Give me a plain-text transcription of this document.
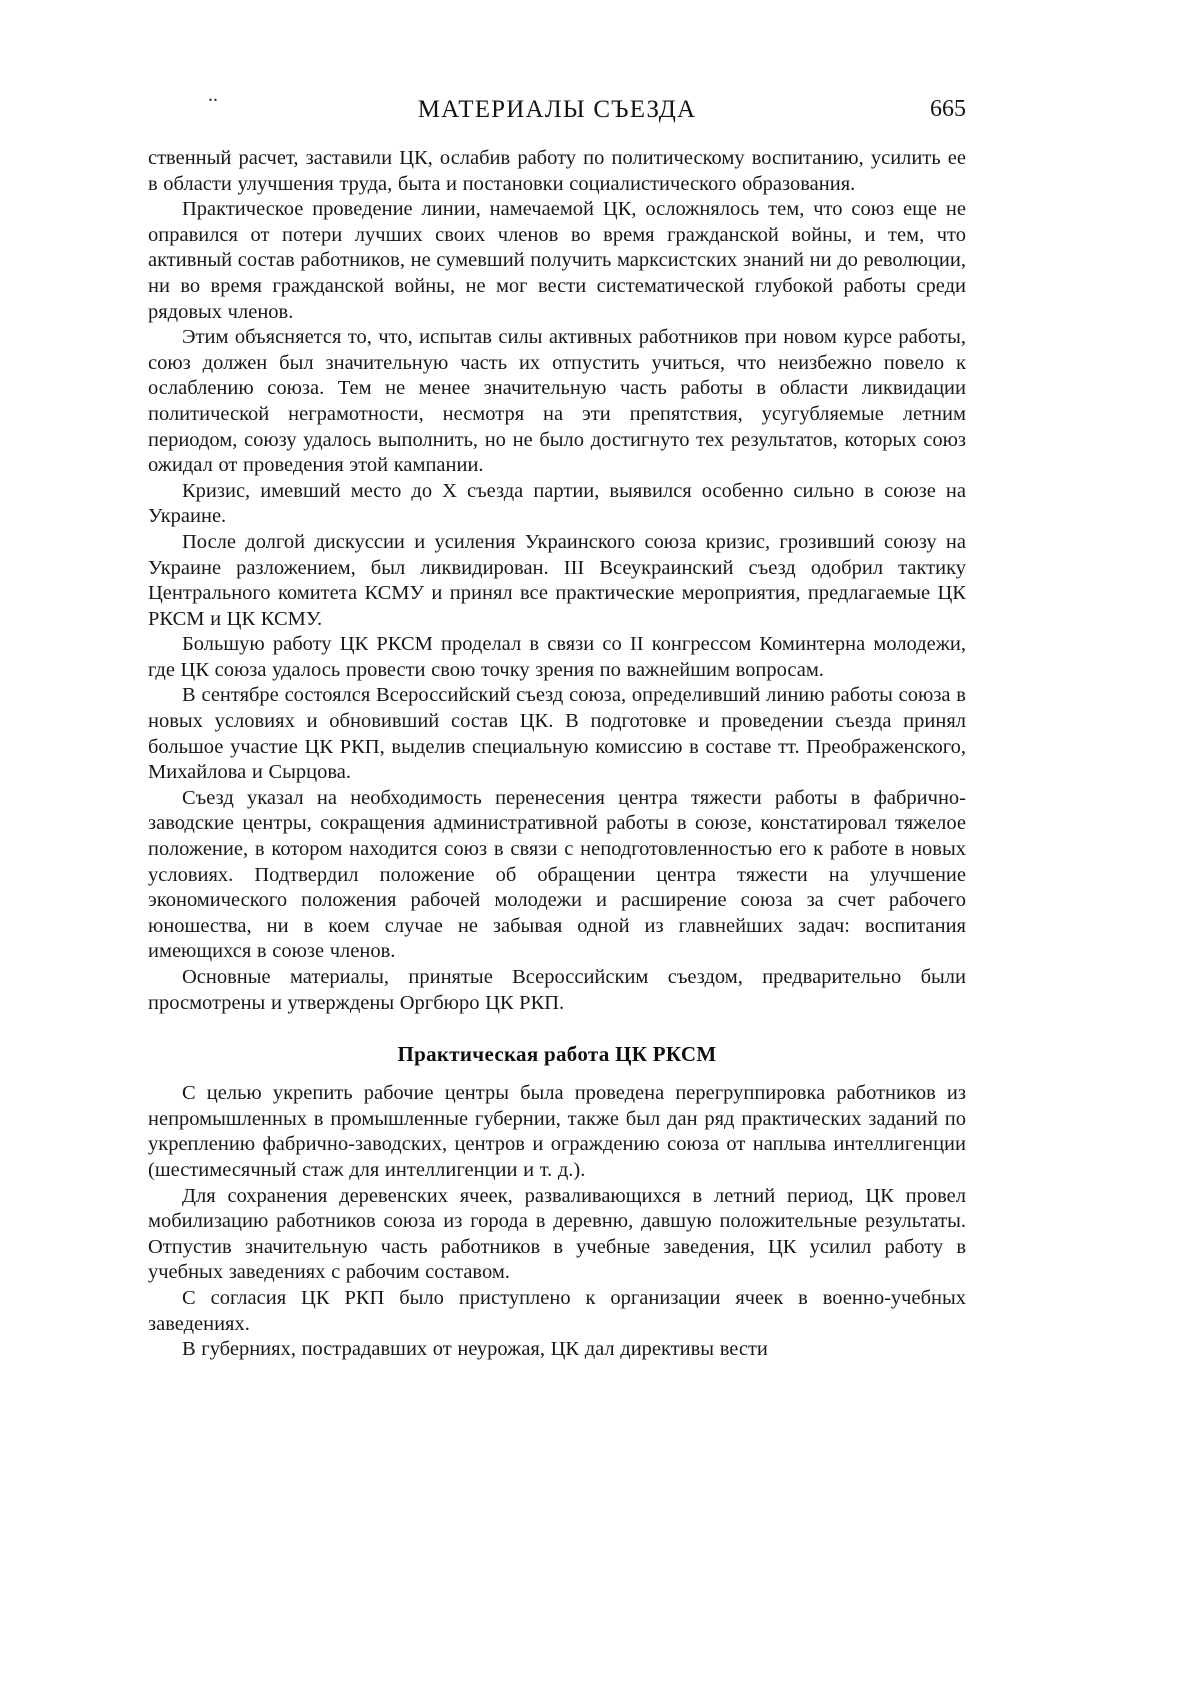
..
МАТЕРИАЛЫ СЪЕЗДА	665

ственный расчет, заставили ЦК, ослабив работу по политическому воспитанию, усилить ее в области улучшения труда, быта и постановки социалистического образования.

Практическое проведение линии, намечаемой ЦК, осложнялось тем, что союз еще не оправился от потери лучших своих членов во время гражданской войны, и тем, что активный состав работников, не сумевший получить марксистских знаний ни до революции, ни во время гражданской войны, не мог вести систематической глубокой работы среди рядовых членов.

Этим объясняется то, что, испытав силы активных работников при новом курсе работы, союз должен был значительную часть их отпустить учиться, что неизбежно повело к ослаблению союза. Тем не менее значительную часть работы в области ликвидации политической неграмотности, несмотря на эти препятствия, усугубляемые летним периодом, союзу удалось выполнить, но не было достигнуто тех результатов, которых союз ожидал от проведения этой кампании.

Кризис, имевший место до X съезда партии, выявился особенно сильно в союзе на Украине.

После долгой дискуссии и усиления Украинского союза кризис, грозивший союзу на Украине разложением, был ликвидирован. III Всеукраинский съезд одобрил тактику Центрального комитета КСМУ и принял все практические мероприятия, предлагаемые ЦК РКСМ и ЦК КСМУ.

Большую работу ЦК РКСМ проделал в связи со II конгрессом Коминтерна молодежи, где ЦК союза удалось провести свою точку зрения по важнейшим вопросам.

В сентябре состоялся Всероссийский съезд союза, определивший линию работы союза в новых условиях и обновивший состав ЦК. В подготовке и проведении съезда принял большое участие ЦК РКП, выделив специальную комиссию в составе тт. Преображенского, Михайлова и Сырцова.

Съезд указал на необходимость перенесения центра тяжести работы в фабрично-заводские центры, сокращения административной работы в союзе, констатировал тяжелое положение, в котором находится союз в связи с неподготовленностью его к работе в новых условиях. Подтвердил положение об обращении центра тяжести на улучшение экономического положения рабочей молодежи и расширение союза за счет рабочего юношества, ни в коем случае не забывая одной из главнейших задач: воспитания имеющихся в союзе членов.

Основные материалы, принятые Всероссийским съездом, предварительно были просмотрены и утверждены Оргбюро ЦК РКП.

Практическая работа ЦК РКСМ

С целью укрепить рабочие центры была проведена перегруппировка работников из непромышленных в промышленные губернии, также был дан ряд практических заданий по укреплению фабрично-заводских, центров и ограждению союза от наплыва интеллигенции (шестимесячный стаж для интеллигенции и т. д.).

Для сохранения деревенских ячеек, разваливающихся в летний период, ЦК провел мобилизацию работников союза из города в деревню, давшую положительные результаты. Отпустив значительную часть работников в учебные заведения, ЦК усилил работу в учебных заведениях с рабочим составом.

С согласия ЦК РКП было приступлено к организации ячеек в военно-учебных заведениях.

В губерниях, пострадавших от неурожая, ЦК дал директивы вести
